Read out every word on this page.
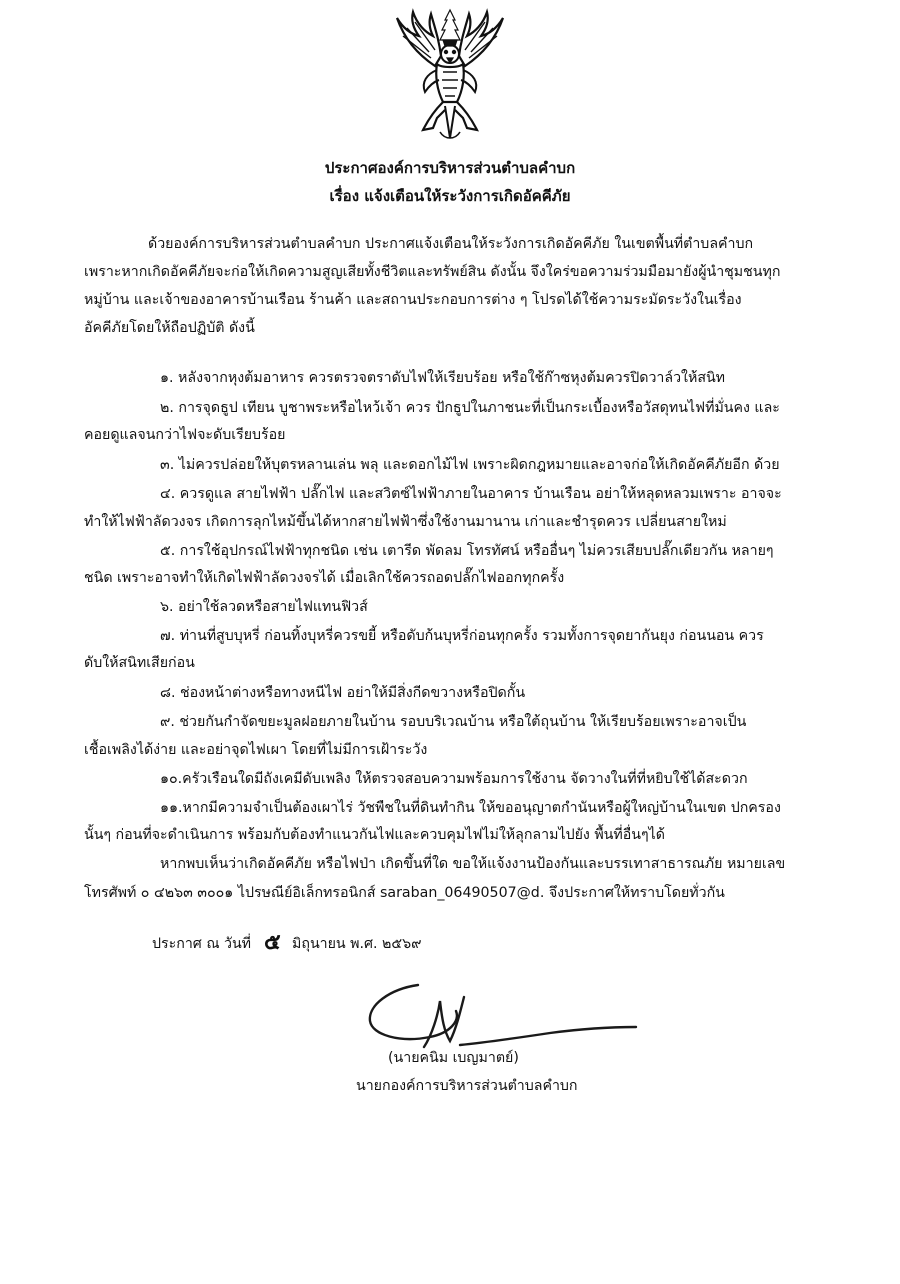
ประกาศองค์การบริหารส่วนตำบลคำบก
เรื่อง แจ้งเตือนให้ระวังการเกิดอัคคีภัย
ด้วยองค์การบริหารส่วนตำบลคำบก ประกาศแจ้งเตือนให้ระวังการเกิดอัคคีภัย ในเขตพื้นที่ตำบลคำบก
เพราะหากเกิดอัคคีภัยจะก่อให้เกิดความสูญเสียทั้งชีวิตและทรัพย์สิน ดังนั้น จึงใคร่ขอความร่วมมือมายังผู้นำชุมชนทุก
หมู่บ้าน และเจ้าของอาคารบ้านเรือน ร้านค้า และสถานประกอบการต่าง ๆ โปรดได้ใช้ความระมัดระวังในเรื่อง
อัคคีภัยโดยให้ถือปฏิบัติ ดังนี้
๑. หลังจากหุงต้มอาหาร ควรตรวจตราดับไฟให้เรียบร้อย หรือใช้ก๊าซหุงต้มควรปิดวาล์วให้สนิท
๒. การจุดธูป เทียน บูชาพระหรือไหว้เจ้า ควร ปักธูปในภาชนะที่เป็นกระเบื้องหรือวัสดุทนไฟที่มั่นคง และ
คอยดูแลจนกว่าไฟจะดับเรียบร้อย
๓. ไม่ควรปล่อยให้บุตรหลานเล่น พลุ และดอกไม้ไฟ เพราะผิดกฎหมายและอาจก่อให้เกิดอัคคีภัยอีก ด้วย
๔. ควรดูแล สายไฟฟ้า ปลั๊กไฟ และสวิตซ์ไฟฟ้าภายในอาคาร บ้านเรือน อย่าให้หลุดหลวมเพราะ อาจจะ
ทำให้ไฟฟ้าลัดวงจร เกิดการลุกไหม้ขึ้นได้หากสายไฟฟ้าซึ่งใช้งานมานาน เก่าและชำรุดควร เปลี่ยนสายใหม่
๕. การใช้อุปกรณ์ไฟฟ้าทุกชนิด เช่น เตารีด พัดลม โทรทัศน์ หรืออื่นๆ ไม่ควรเสียบปลั๊กเดียวกัน หลายๆ
ชนิด เพราะอาจทำให้เกิดไฟฟ้าลัดวงจรได้ เมื่อเลิกใช้ควรถอดปลั๊กไฟออกทุกครั้ง
๖. อย่าใช้ลวดหรือสายไฟแทนฟิวส์
๗. ท่านที่สูบบุหรี่ ก่อนทิ้งบุหรี่ควรขยี้ หรือดับก้นบุหรี่ก่อนทุกครั้ง รวมทั้งการจุดยากันยุง ก่อนนอน ควร
ดับให้สนิทเสียก่อน
๘. ช่องหน้าต่างหรือทางหนีไฟ อย่าให้มีสิ่งกีดขวางหรือปิดกั้น
๙. ช่วยกันกำจัดขยะมูลฝอยภายในบ้าน รอบบริเวณบ้าน หรือใต้ถุนบ้าน ให้เรียบร้อยเพราะอาจเป็น
เชื้อเพลิงได้ง่าย และอย่าจุดไฟเผา โดยที่ไม่มีการเฝ้าระวัง
๑๐.ครัวเรือนใดมีถังเคมีดับเพลิง ให้ตรวจสอบความพร้อมการใช้งาน จัดวางในที่ที่หยิบใช้ได้สะดวก
๑๑.หากมีความจำเป็นต้องเผาไร่ วัชพืชในที่ดินทำกิน ให้ขออนุญาตกำนันหรือผู้ใหญ่บ้านในเขต ปกครอง
นั้นๆ ก่อนที่จะดำเนินการ พร้อมกับต้องทำแนวกันไฟและควบคุมไฟไม่ให้ลุกลามไปยัง พื้นที่อื่นๆได้
หากพบเห็นว่าเกิดอัคคีภัย หรือไฟป่า เกิดขึ้นที่ใด ขอให้แจ้งงานป้องกันและบรรเทาสาธารณภัย หมายเลข
โทรศัพท์ ๐ ๔๒๖๓ ๓๐๐๑ ไปรษณีย์อิเล็กทรอนิกส์ saraban_06490507@d. จึงประกาศให้ทราบโดยทั่วกัน
ประกาศ ณ วันที่ ๕ มิถุนายน พ.ศ. ๒๕๖๙
(นายคนิม เบญมาตย์)
นายกองค์การบริหารส่วนตำบลคำบก
